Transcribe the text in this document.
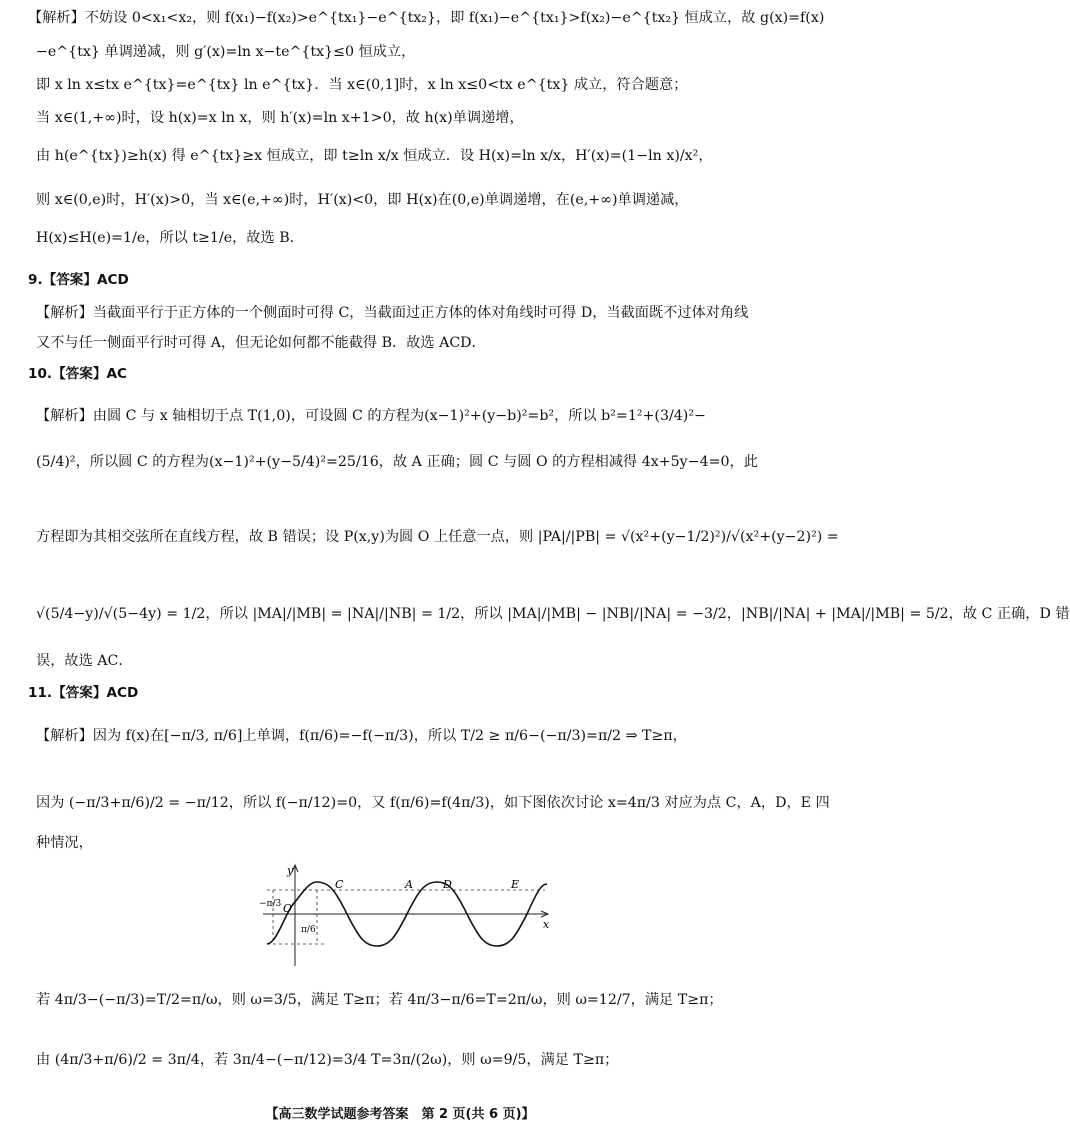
【解析】不妨设 0<x₁<x₂，则 f(x₁)−f(x₂)>e^{tx₁}−e^{tx₂}，即 f(x₁)−e^{tx₁}>f(x₂)−e^{tx₂} 恒成立，故 g(x)=f(x)
−e^{tx} 单调递减，则 g′(x)=ln x−te^{tx}≤0 恒成立，
即 x ln x≤tx e^{tx}=e^{tx} ln e^{tx}．当 x∈(0,1]时，x ln x≤0<tx e^{tx} 成立，符合题意；
当 x∈(1,+∞)时，设 h(x)=x ln x，则 h′(x)=ln x+1>0，故 h(x)单调递增，
由 h(e^{tx})≥h(x) 得 e^{tx}≥x 恒成立，即 t≥ln x/x 恒成立．设 H(x)=ln x/x，H′(x)=(1−ln x)/x²，
则 x∈(0,e)时，H′(x)>0，当 x∈(e,+∞)时，H′(x)<0，即 H(x)在(0,e)单调递增，在(e,+∞)单调递减，
H(x)≤H(e)=1/e，所以 t≥1/e，故选 B．
9.【答案】ACD
【解析】当截面平行于正方体的一个侧面时可得 C，当截面过正方体的体对角线时可得 D，当截面既不过体对角线
又不与任一侧面平行时可得 A，但无论如何都不能截得 B．故选 ACD．
10.【答案】AC
【解析】由圆 C 与 x 轴相切于点 T(1,0)，可设圆 C 的方程为(x−1)²+(y−b)²=b²，所以 b²=1²+(3/4)²−
(5/4)²，所以圆 C 的方程为(x−1)²+(y−5/4)²=25/16，故 A 正确；圆 C 与圆 O 的方程相减得 4x+5y−4=0，此
方程即为其相交弦所在直线方程，故 B 错误；设 P(x,y)为圆 O 上任意一点，则 |PA|/|PB| = √(x²+(y−1/2)²)/√(x²+(y−2)²) =
√(5/4−y)/√(5−4y) = 1/2，所以 |MA|/|MB| = |NA|/|NB| = 1/2，所以 |MA|/|MB| − |NB|/|NA| = −3/2，|NB|/|NA| + |MA|/|MB| = 5/2，故 C 正确，D 错
误，故选 AC．
11.【答案】ACD
【解析】因为 f(x)在[−π/3, π/6]上单调，f(π/6)=−f(−π/3)，所以 T/2 ≥ π/6−(−π/3)=π/2 ⇒ T≥π，
因为 (−π/3+π/6)/2 = −π/12，所以 f(−π/12)=0，又 f(π/6)=f(4π/3)，如下图依次讨论 x=4π/3 对应为点 C，A，D，E 四
种情况，
y
x
O
−π/3
π/6
C	A	D	E
若 4π/3−(−π/3)=T/2=π/ω，则 ω=3/5，满足 T≥π；若 4π/3−π/6=T=2π/ω，则 ω=12/7，满足 T≥π；
由 (4π/3+π/6)/2 = 3π/4，若 3π/4−(−π/12)=3/4 T=3π/(2ω)，则 ω=9/5，满足 T≥π；
【高三数学试题参考答案　第 2 页(共 6 页)】
